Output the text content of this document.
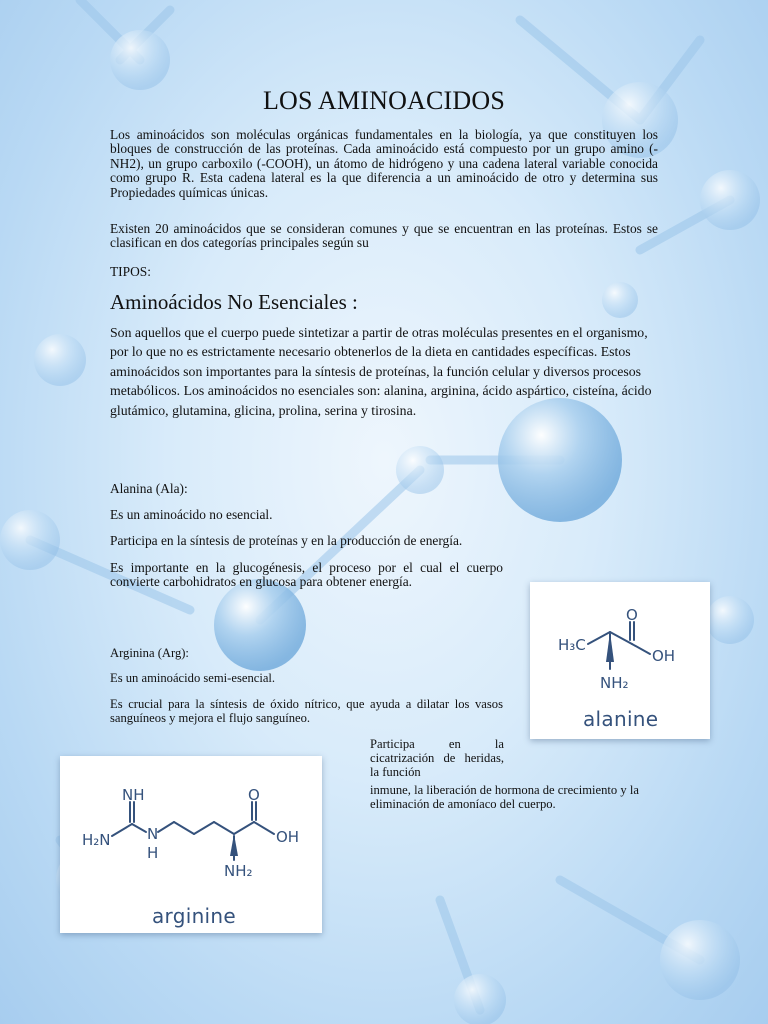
LOS AMINOACIDOS

Los aminoácidos son moléculas orgánicas fundamentales en la biología, ya que constituyen los bloques de construcción de las proteínas. Cada aminoácido está compuesto por un grupo amino (-NH2), un grupo carboxilo (-COOH), un átomo de hidrógeno y una cadena lateral variable conocida como grupo R. Esta cadena lateral es la que diferencia a un aminoácido de otro y determina sus Propiedades químicas únicas.

Existen 20 aminoácidos que se consideran comunes y que se encuentran en las proteínas. Estos se clasifican en dos categorías principales según su

TIPOS:

Aminoácidos No Esenciales :

Son aquellos que el cuerpo puede sintetizar a partir de otras moléculas presentes en el organismo, por lo que no es estrictamente necesario obtenerlos de la dieta en cantidades específicas. Estos aminoácidos son importantes para la síntesis de proteínas, la función celular y diversos procesos metabólicos. Los aminoácidos no esenciales son: alanina, arginina, ácido aspártico, cisteína, ácido glutámico, glutamina, glicina, prolina, serina y tirosina.

Alanina (Ala):

Es un aminoácido no esencial.

Participa en la síntesis de proteínas y en la producción de energía.

Es importante en la glucogénesis, el proceso por el cual el cuerpo convierte carbohidratos en glucosa para obtener energía.

Arginina (Arg):

Es un aminoácido semi-esencial.

Es crucial para la síntesis de óxido nítrico, que ayuda a dilatar los vasos sanguíneos y mejora el flujo sanguíneo.

Participa en la cicatrización de heridas, la función

inmune, la liberación de hormona de crecimiento y la eliminación de amoníaco del cuerpo.

O
OH
H₃C
NH₂
alanine
NH
H₂N N
H
O
OH
NH₂
arginine
